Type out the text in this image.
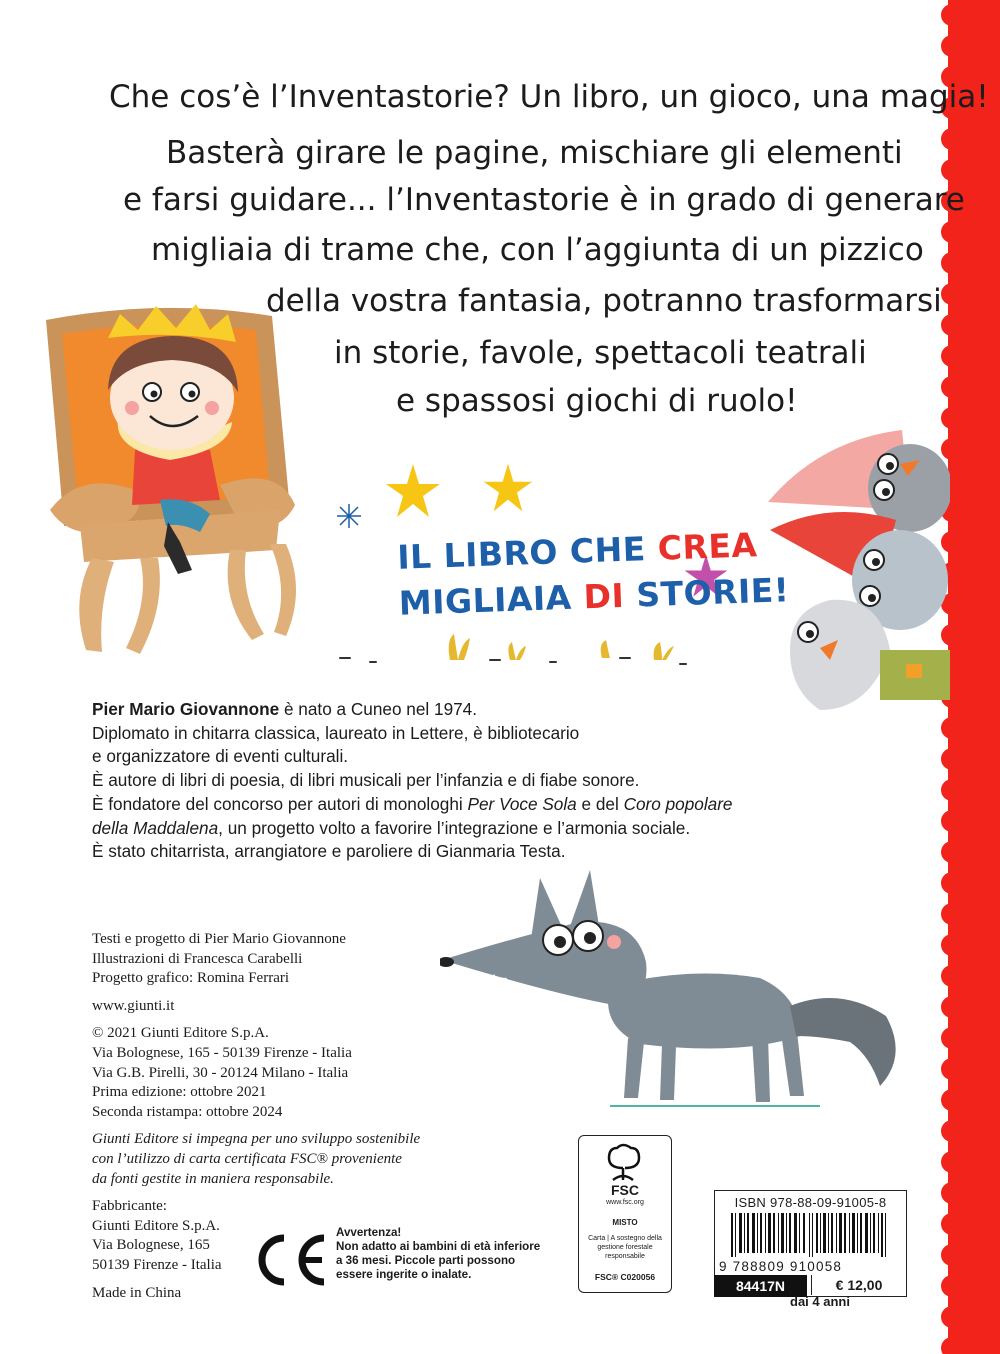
Che cos’è l’Inventastorie? Un libro, un gioco, una magia!
Basterà girare le pagine, mischiare gli elementi
e farsi guidare... l’Inventastorie è in grado di generare
migliaia di trame che, con l’aggiunta di un pizzico
della vostra fantasia, potranno trasformarsi
in storie, favole, spettacoli teatrali
e spassosi giochi di ruolo!
IL LIBRO CHE CREA
MIGLIAIA DI STORIE!

Pier Mario Giovannone è nato a Cuneo nel 1974.

Diplomato in chitarra classica, laureato in Lettere, è bibliotecario

e organizzatore di eventi culturali.

È autore di libri di poesia, di libri musicali per l’infanzia e di fiabe sonore.

È fondatore del concorso per autori di monologhi Per Voce Sola e del Coro popolare

della Maddalena, un progetto volto a favorire l’integrazione e l’armonia sociale.

È stato chitarrista, arrangiatore e paroliere di Gianmaria Testa.

Testi e progetto di Pier Mario Giovannone

Illustrazioni di Francesca Carabelli

Progetto grafico: Romina Ferrari

www.giunti.it

© 2021 Giunti Editore S.p.A.

Via Bolognese, 165 - 50139 Firenze - Italia

Via G.B. Pirelli, 30 - 20124 Milano - Italia

Prima edizione: ottobre 2021

Seconda ristampa: ottobre 2024

Giunti Editore si impegna per uno sviluppo sostenibile

con l’utilizzo di carta certificata FSC® proveniente

da fonti gestite in maniera responsabile.

Fabbricante:

Giunti Editore S.p.A.

Via Bolognese, 165

50139 Firenze - Italia

Made in China

Avvertenza!

Non adatto ai bambini di età inferiore

a 36 mesi. Piccole parti possono

essere ingerite o inalate.

FSC
www.fsc.org
MISTO
Carta | A sostegno della gestione forestale responsabile
FSC® C020056
ISBN 978-88-09-91005-8
9 788809 910058
84417N	€ 12,00
dai 4 anni
